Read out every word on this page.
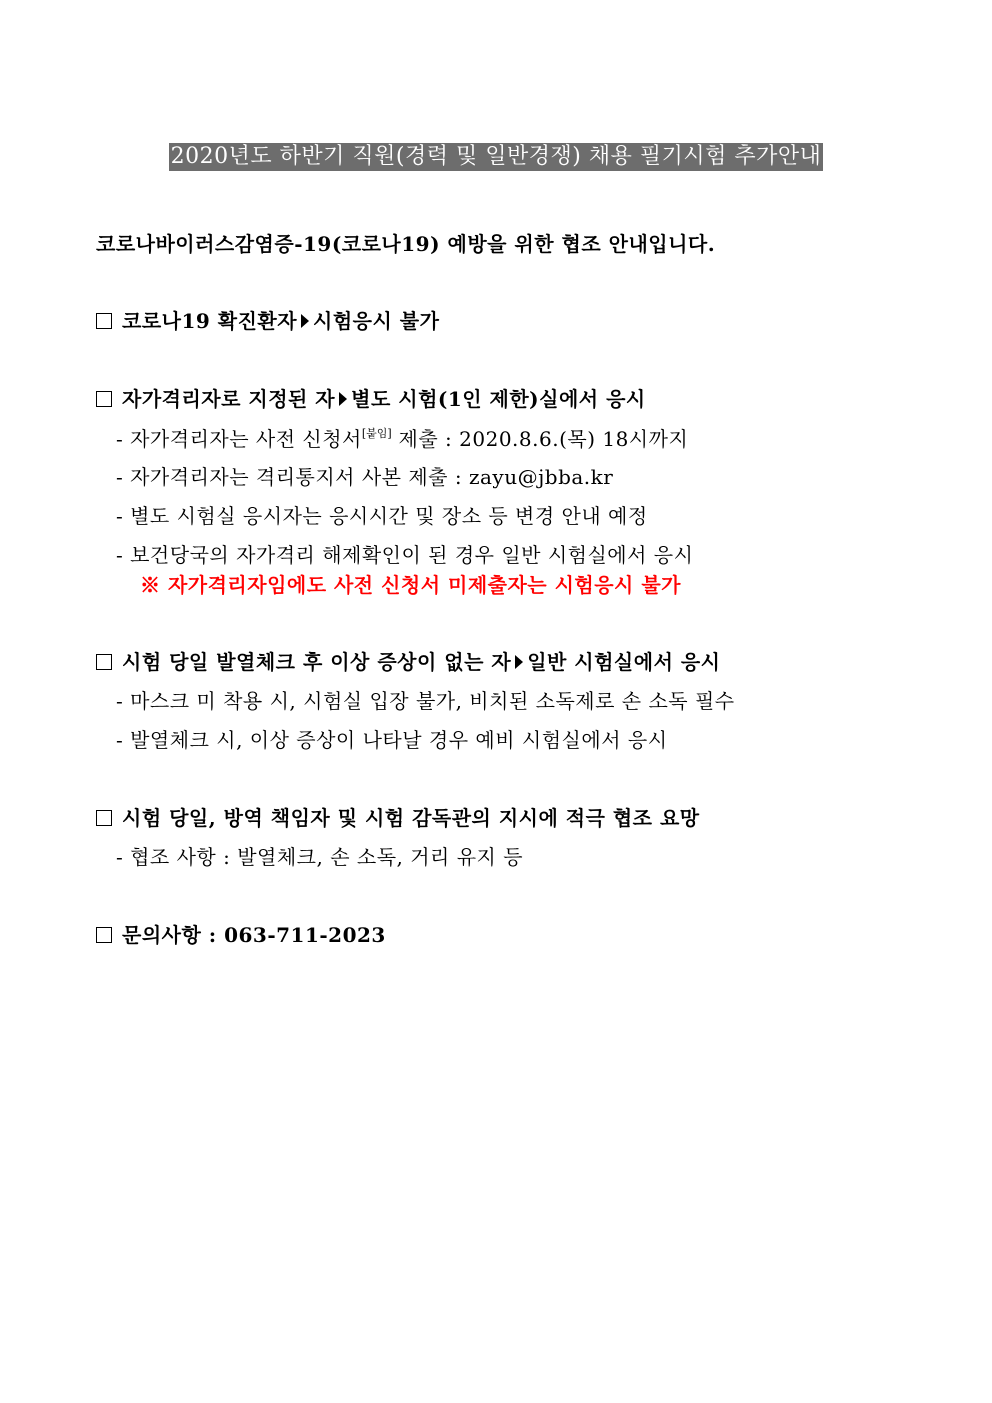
2020년도 하반기 직원(경력 및 일반경쟁) 채용 필기시험 추가안내
코로나바이러스감염증-19(코로나19) 예방을 위한 협조 안내입니다.
코로나19 확진환자 시험응시 불가
자가격리자로 지정된 자 별도 시험(1인 제한)실에서 응시
- 자가격리자는 사전 신청서[붙임] 제출 : 2020.8.6.(목) 18시까지
- 자가격리자는 격리통지서 사본 제출 : zayu@jbba.kr
- 별도 시험실 응시자는 응시시간 및 장소 등 변경 안내 예정
- 보건당국의 자가격리 해제확인이 된 경우 일반 시험실에서 응시
※ 자가격리자임에도 사전 신청서 미제출자는 시험응시 불가
시험 당일 발열체크 후 이상 증상이 없는 자 일반 시험실에서 응시
- 마스크 미 착용 시, 시험실 입장 불가, 비치된 소독제로 손 소독 필수
- 발열체크 시, 이상 증상이 나타날 경우 예비 시험실에서 응시
시험 당일, 방역 책임자 및 시험 감독관의 지시에 적극 협조 요망
- 협조 사항 : 발열체크, 손 소독, 거리 유지 등
문의사항 : 063-711-2023
